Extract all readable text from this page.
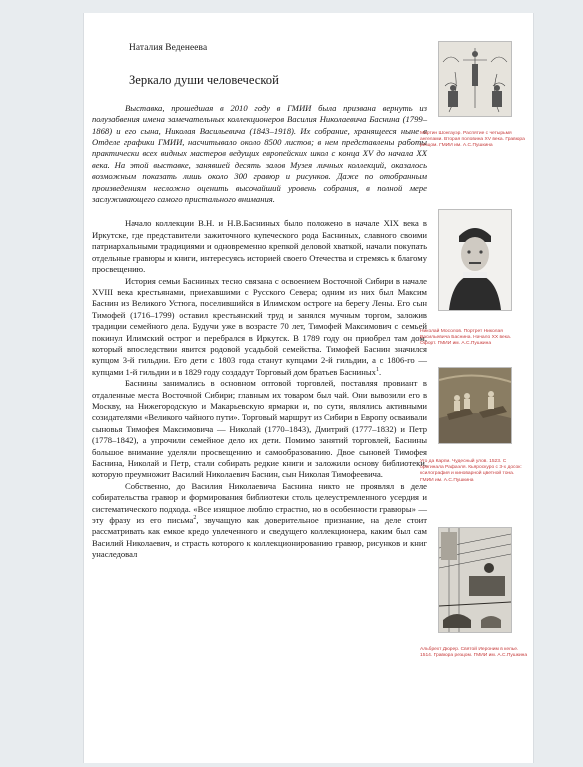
Наталия Веденеева
Зеркало души человеческой

Выставка, прошедшая в 2010 году в ГМИИ была призвана вернуть из полузабвения имена замечательных коллекционеров Василия Николаевича Баснина (1799–1868) и его сына, Николая Васильевича (1843–1918). Их собрание, хранящееся ныне в Отделе графики ГМИИ, насчитывало около 8500 листов; в нем представлены работы практически всех видных мастеров ведущих европейских школ с конца XV до начала XX века. На этой выставке, занявшей десять залов Музея личных коллекций, оказалось возможным показать лишь около 300 гравюр и рисунков. Даже по отобранным произведениям несложно оценить высочайший уровень собрания, в полной мере заслуживающего самого пристального внимания.

Начало коллекции В.Н. и Н.В.Басниных было положено в начале XIX века в Иркутске, где представители зажиточного купеческого рода Басниных, славного своими патриархальными традициями и одновременно крепкой деловой хваткой, начали покупать отдельные гравюры и книги, интересуясь историей своего Отечества и стремясь к благому просвещению.

История семьи Басниных тесно связана с освоением Восточной Сибири в начале XVIII века крестьянами, приехавшими с Русского Севера; одним из них был Максим Баснин из Великого Устюга, поселившийся в Илимском остроге на берегу Лены. Его сын Тимофей (1716–1799) оставил крестьянский труд и занялся мучным торгом, заложив традиции семейного дела. Будучи уже в возрасте 70 лет, Тимофей Максимович с семьей покинул Илимский острог и перебрался в Иркутск. В 1789 году он приобрел там дом, который впоследствии явится родовой усадьбой семейства. Тимофей Баснин значился купцом 3-й гильдии. Его дети с 1803 года станут купцами 2-й гильдии, а с 1806-го — купцами 1-й гильдии и в 1829 году создадут Торговый дом братьев Басниных$^1$.

Баснины занимались в основном оптовой торговлей, поставляя провиант в отдаленные места Восточной Сибири; главным их товаром был чай. Они вывозили его в Москву, на Нижегородскую и Макарьевскую ярмарки и, по сути, являлись активными созидателями «Великого чайного пути». Торговый маршрут из Сибири в Европу осваивали сыновья Тимофея Максимовича — Николай (1770–1843), Дмитрий (1777–1832) и Петр (1778–1842), а упрочили семейное дело их дети. Помимо занятий торговлей, Баснины большое внимание уделяли просвещению и самообразованию. Двое сыновей Тимофея Баснина, Николай и Петр, стали собирать редкие книги и заложили основу библиотеки, которую преумножит Василий Николаевич Баснин, сын Николая Тимофеевича.

Собственно, до Василия Николаевича Баснина никто не проявлял в деле собирательства гравюр и формирования библиотеки столь целеустремленного усердия и систематического подхода. «Все изящное люблю страстно, но в особенности гравюры» — эту фразу из его письма$^2$, звучащую как доверительное признание, на деле стоит рассматривать как емкое кредо увлеченного и сведущего коллекционера, каким был сам Василий Николаевич, и страсть которого к коллекционированию гравюр, рисунков и книг унаследовал

Мартин Шонгауэр. Распятие с четырьмя ангелами. Вторая половина XV века. Гравюра резцом. ГМИИ им. А.С.Пушкина
Николай Мосолов. Портрет Николая Васильевича Баснина. Начало XX века. Офорт. ГМИИ им. А.С.Пушкина
Уго да Карпи. Чудесный улов. 1523. С оригинала Рафаэля. Кьяроскуро с 3-х досок: ксилография и киноварной цветной тона. ГМИИ им. А.С.Пушкина
Альбрехт Дюрер. Святой Иероним в келье. 1514. Гравюра резцом. ГМИИ им. А.С.Пушкина
